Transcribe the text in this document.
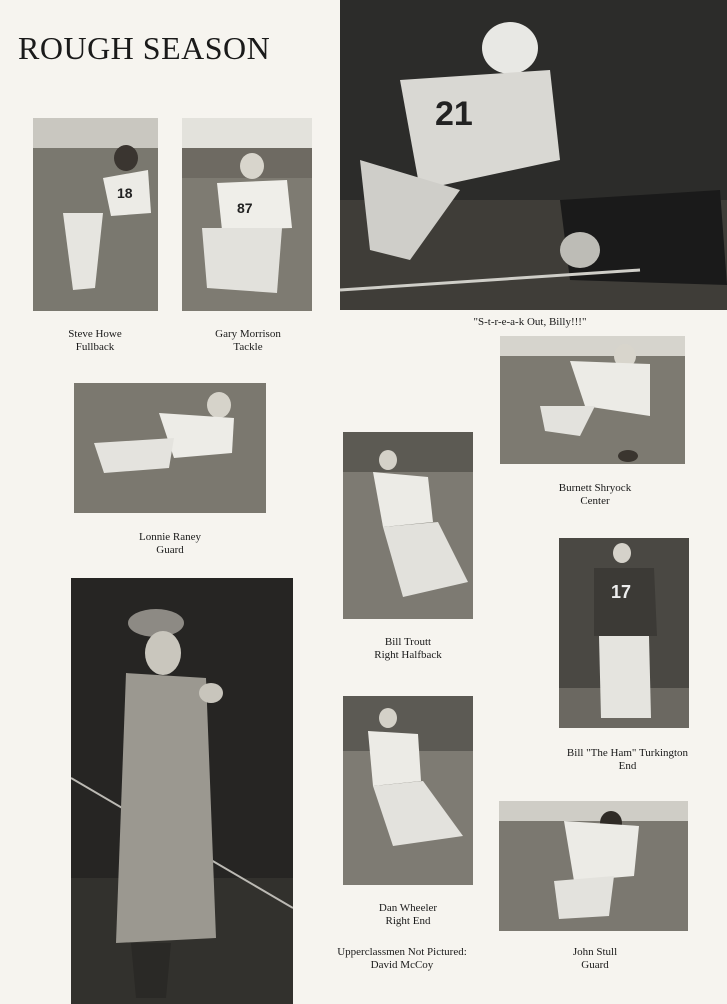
ROUGH SEASON
18
87
21
Steve Howe
Fullback
Gary Morrison
Tackle
"S-t-r-e-a-k Out, Billy!!!"
Burnett Shryock
Center
Lonnie Raney
Guard
Bill Troutt
Right Halfback
17
Bill "The Ham" Turkington
End
Dan Wheeler
Right End
John Stull
Guard
Upperclassmen Not Pictured:
David McCoy
